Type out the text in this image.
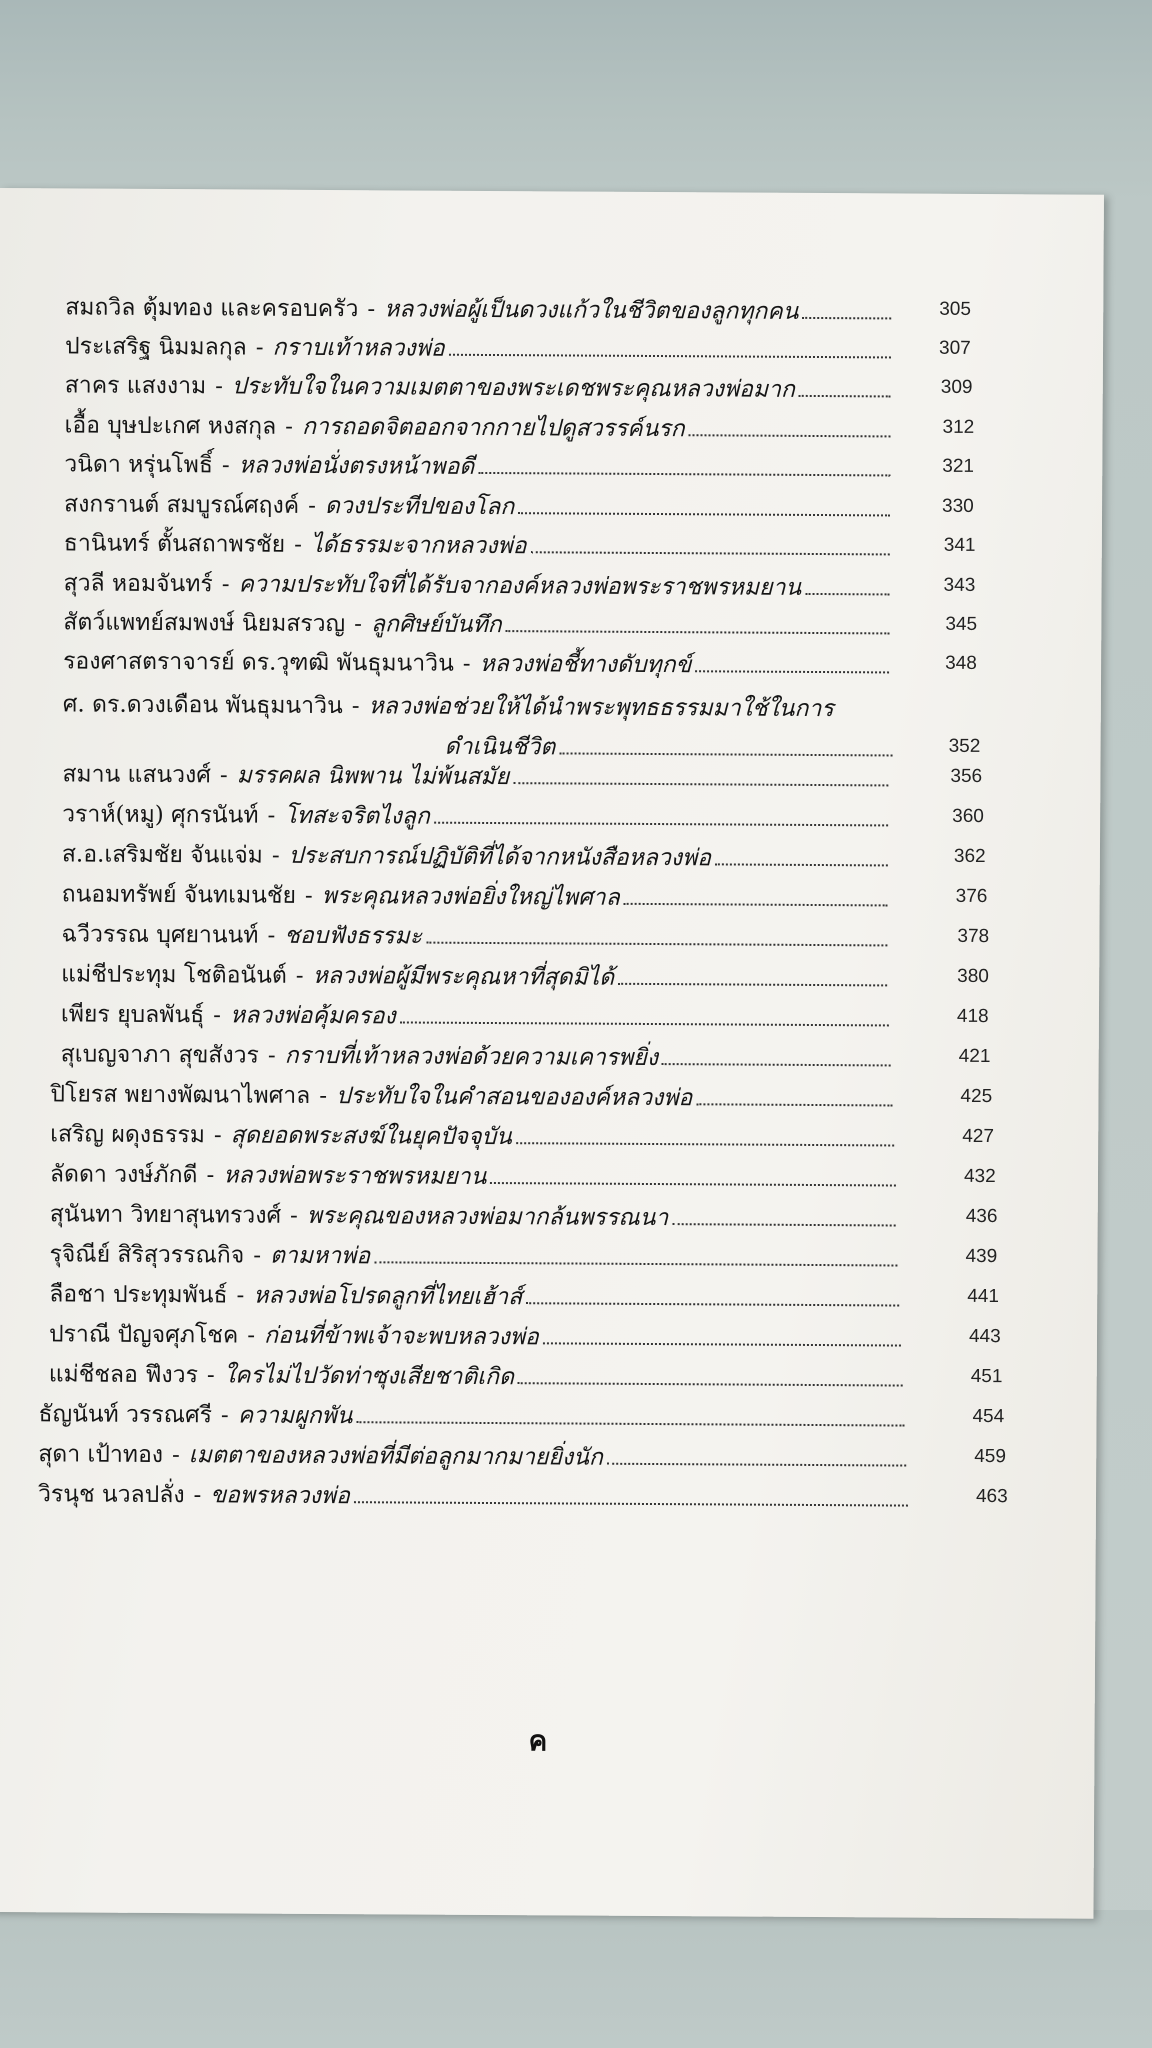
สมถวิล ตุ้มทอง และครอบครัว - หลวงพ่อผู้เป็นดวงแก้วในชีวิตของลูกทุกคน	305
ประเสริฐ นิมมลกุล - กราบเท้าหลวงพ่อ	307
สาคร แสงงาม - ประทับใจในความเมตตาของพระเดชพระคุณหลวงพ่อมาก	309
เอื้อ บุษปะเกศ หงสกุล - การถอดจิตออกจากกายไปดูสวรรค์นรก	312
วนิดา หรุ่นโพธิ์ - หลวงพ่อนั่งตรงหน้าพอดี	321
สงกรานต์ สมบูรณ์ศฤงค์ - ดวงประทีปของโลก	330
ธานินทร์ ตั้นสถาพรชัย - ได้ธรรมะจากหลวงพ่อ	341
สุวลี หอมจันทร์ - ความประทับใจที่ได้รับจากองค์หลวงพ่อพระราชพรหมยาน	343
สัตว์แพทย์สมพงษ์ นิยมสรวญ - ลูกศิษย์บันทึก	345
รองศาสตราจารย์ ดร.วุฑฒิ พันธุมนาวิน - หลวงพ่อชี้ทางดับทุกข์	348
ศ. ดร.ดวงเดือน พันธุมนาวิน - หลวงพ่อช่วยให้ได้นำพระพุทธธรรมมาใช้ในการ
ดำเนินชีวิต	352
สมาน แสนวงศ์ - มรรคผล นิพพาน ไม่พ้นสมัย	356
วราห์(หมู) ศุกรนันท์ - โทสะจริตไงลูก	360
ส.อ.เสริมชัย จันแจ่ม - ประสบการณ์ปฏิบัติที่ได้จากหนังสือหลวงพ่อ	362
ถนอมทรัพย์ จันทเมนชัย - พระคุณหลวงพ่อยิ่งใหญ่ไพศาล	376
ฉวีวรรณ บุศยานนท์ - ชอบฟังธรรมะ	378
แม่ชีประทุม โชติอนันต์ - หลวงพ่อผู้มีพระคุณหาที่สุดมิได้	380
เพียร ยุบลพันธุ์ - หลวงพ่อคุ้มครอง	418
สุเบญจาภา สุขสังวร - กราบที่เท้าหลวงพ่อด้วยความเคารพยิ่ง	421
ปิโยรส พยางพัฒนาไพศาล - ประทับใจในคำสอนขององค์หลวงพ่อ	425
เสริญ ผดุงธรรม - สุดยอดพระสงฆ์ในยุคปัจจุบัน	427
ลัดดา วงษ์ภักดี - หลวงพ่อพระราชพรหมยาน	432
สุนันทา วิทยาสุนทรวงศ์ - พระคุณของหลวงพ่อมากล้นพรรณนา	436
รุจิณีย์ สิริสุวรรณกิจ - ตามหาพ่อ	439
ลือชา ประทุมพันธ์ - หลวงพ่อโปรดลูกที่ไทยเฮ้าส์	441
ปราณี ปัญจศุภโชค - ก่อนที่ข้าพเจ้าจะพบหลวงพ่อ	443
แม่ชีชลอ ฟึงวร - ใครไม่ไปวัดท่าซุงเสียชาติเกิด	451
ธัญนันท์ วรรณศรี - ความผูกพัน	454
สุดา เป้าทอง - เมตตาของหลวงพ่อที่มีต่อลูกมากมายยิ่งนัก	459
วิรนุช นวลปลั่ง - ขอพรหลวงพ่อ	463
ค
